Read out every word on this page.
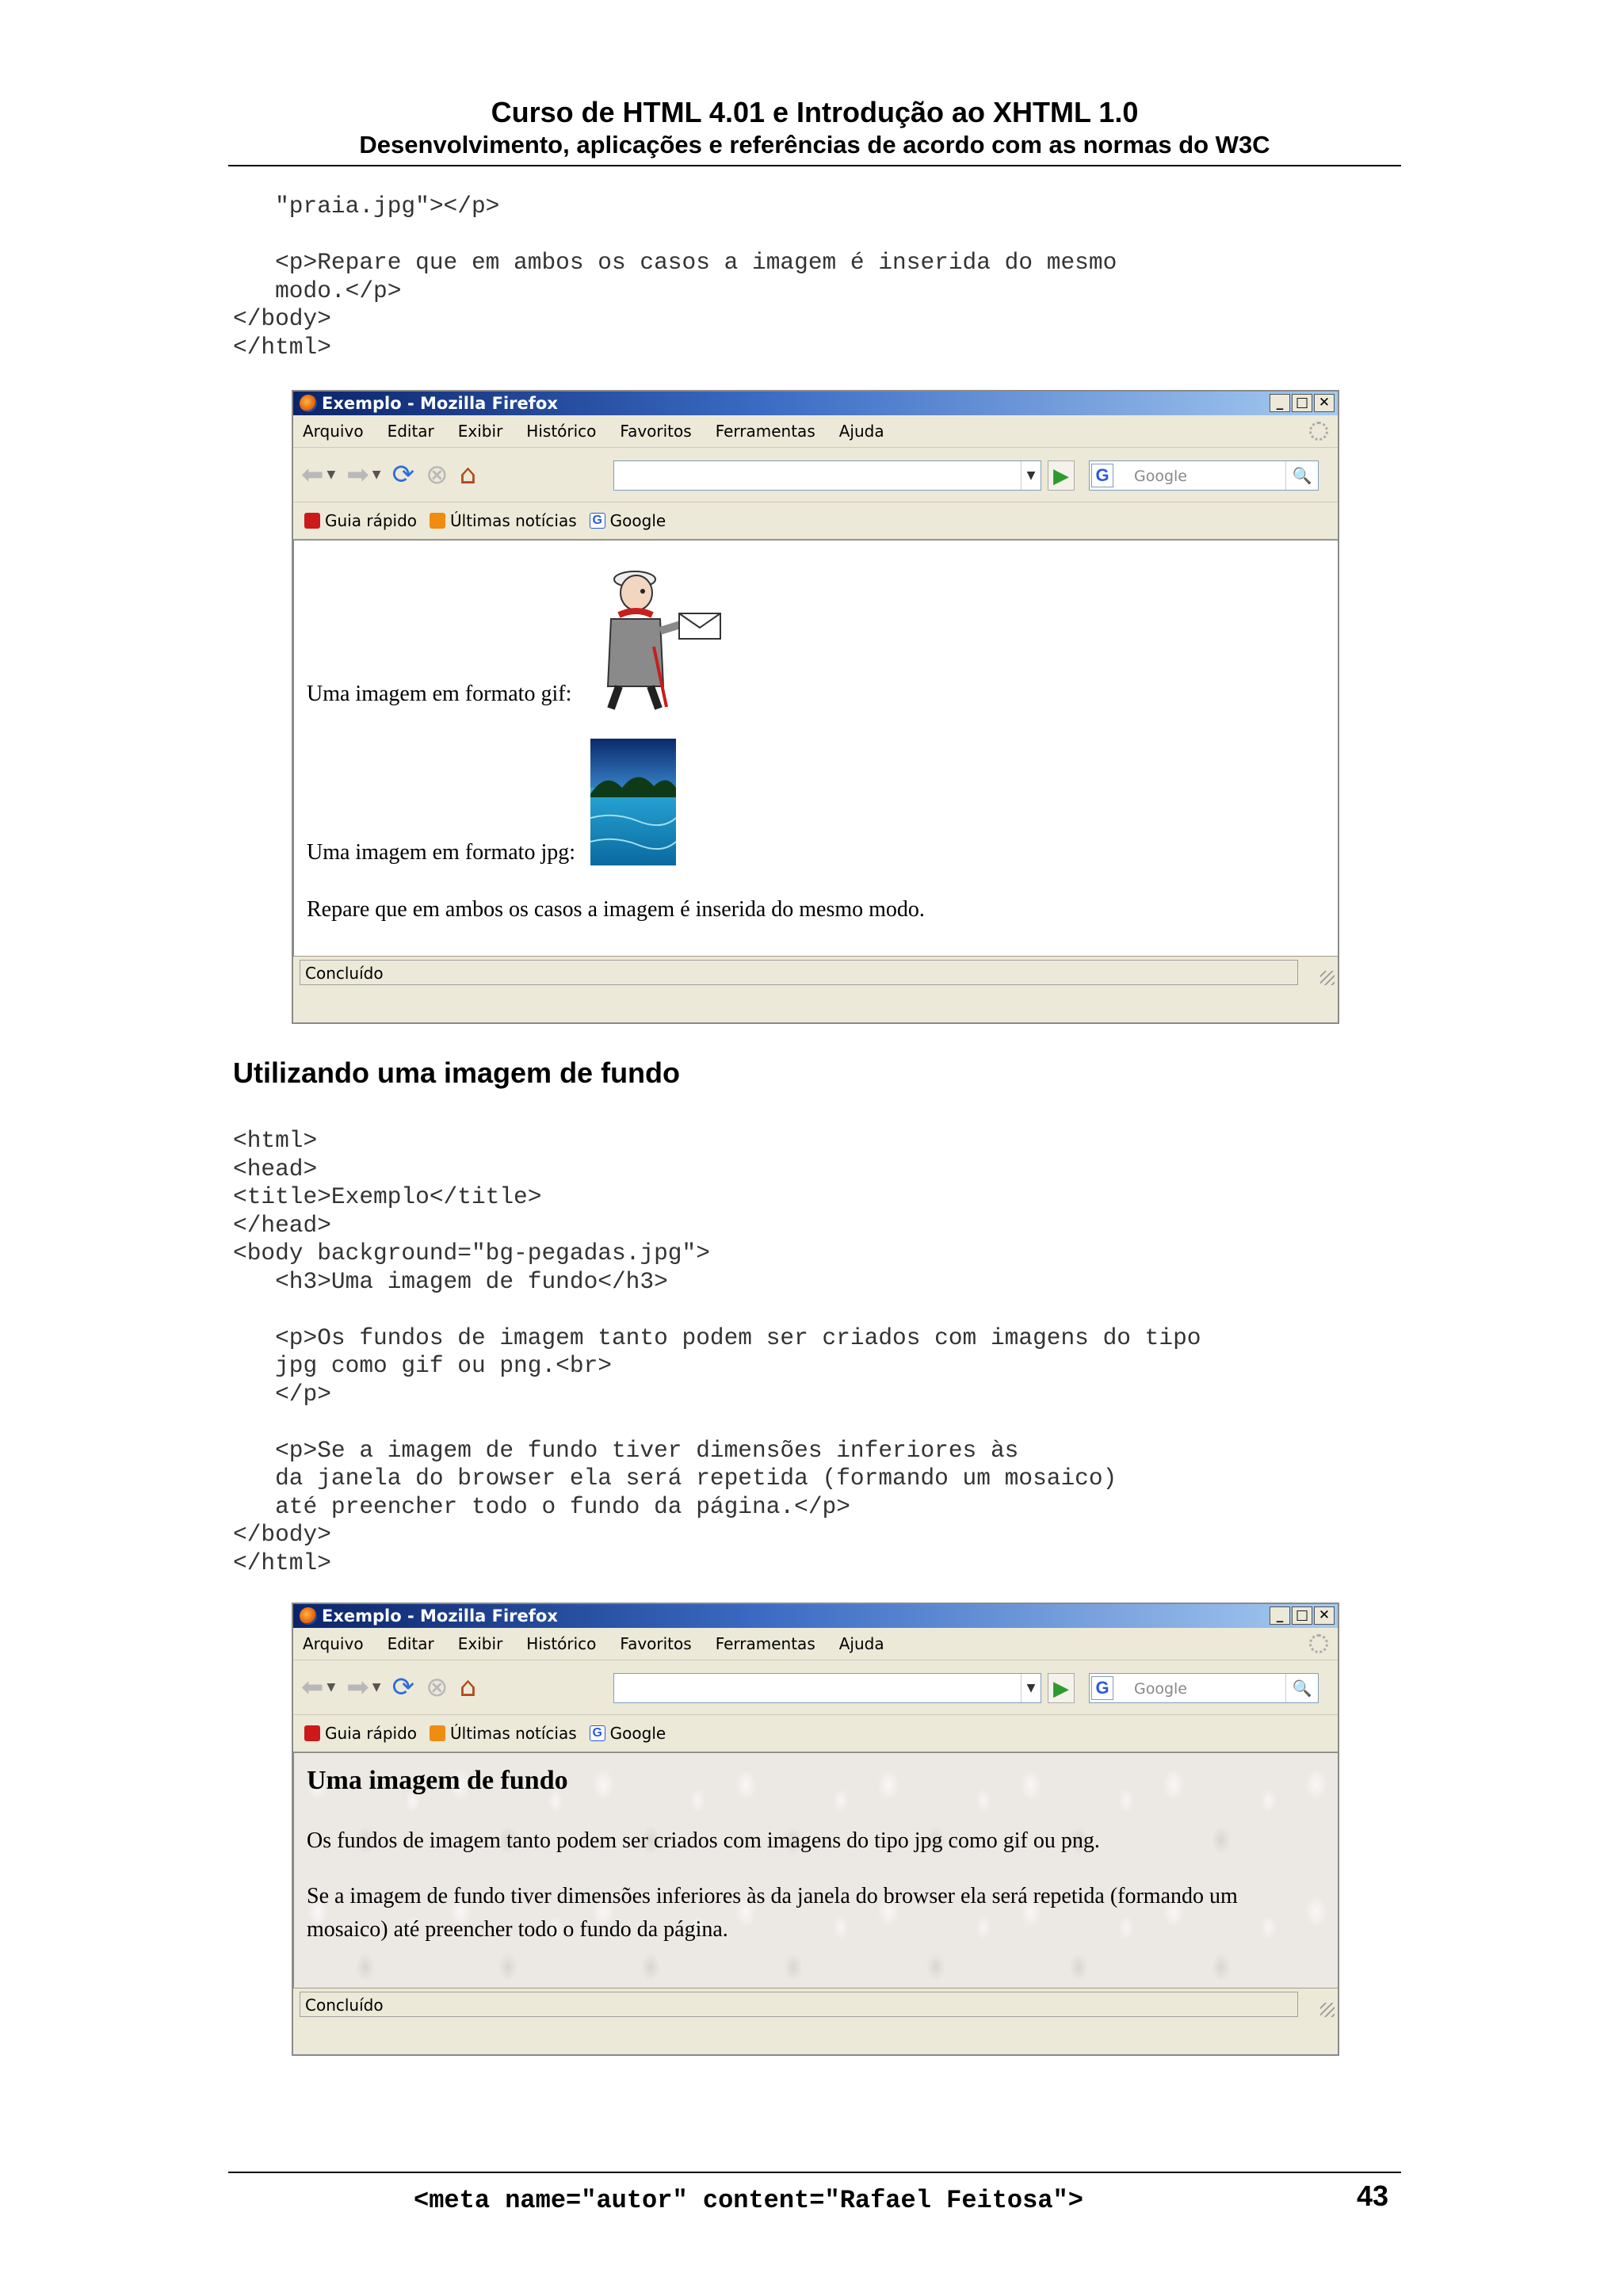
Curso de HTML 4.01 e Introdução ao XHTML 1.0
Desenvolvimento, aplicações e referências de acordo com as normas do W3C
"praia.jpg"></p>

<p>Repare que em ambos os casos a imagem é inserida do mesmo
modo.</p>
</body>
</html>
Exemplo - Mozilla Firefox	_ □ ✕
Arquivo Editar Exibir Histórico Favoritos Ferramentas Ajuda
⬅ ▼ ➡ ▼ ⟳ ⊗ ⌂	▼ ▶	G Google	🔍
Guia rápido Últimas notícias G Google
Uma imagem em formato gif:
Uma imagem em formato jpg:
Repare que em ambos os casos a imagem é inserida do mesmo modo.
Concluído
Utilizando uma imagem de fundo
<html>
<head>
<title>Exemplo</title>
</head>
<body background="bg-pegadas.jpg">
<h3>Uma imagem de fundo</h3>

<p>Os fundos de imagem tanto podem ser criados com imagens do tipo
jpg como gif ou png.<br>
</p>

<p>Se a imagem de fundo tiver dimensões inferiores às
da janela do browser ela será repetida (formando um mosaico)
até preencher todo o fundo da página.</p>
</body>
</html>
Exemplo - Mozilla Firefox	_ □ ✕
Arquivo Editar Exibir Histórico Favoritos Ferramentas Ajuda
⬅ ▼ ➡ ▼ ⟳ ⊗ ⌂	▼ ▶	G Google	🔍
Guia rápido Últimas notícias G Google
Uma imagem de fundo
Os fundos de imagem tanto podem ser criados com imagens do tipo jpg como gif ou png.
Se a imagem de fundo tiver dimensões inferiores às da janela do browser ela será repetida (formando um mosaico) até preencher todo o fundo da página.
Concluído
<meta name="autor" content="Rafael Feitosa">	43
